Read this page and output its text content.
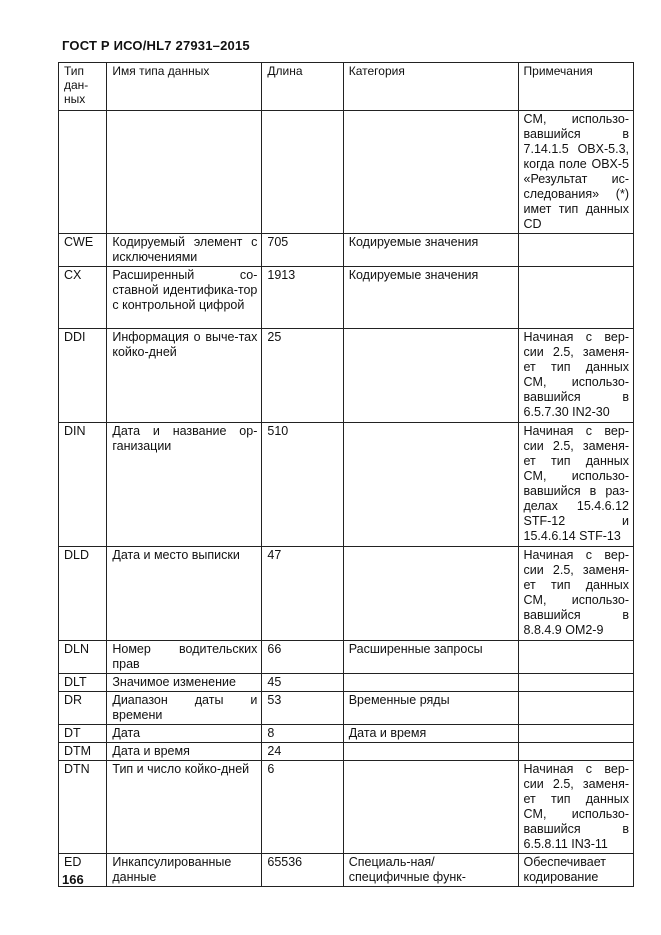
ГОСТ Р ИСО/HL7 27931–2015
Тип дан-ных	Имя типа данных	Длина	Категория	Примечания
				CM, использо-вавшийся в 7.14.1.5 OBX-5.3, когда поле OBX-5 «Результат ис-следования» (*) имет тип данных CD
CWE	Кодируемый элемент с исключениями	705	Кодируемые значения	
CX	Расширенный со-ставной идентифика-тор с контрольной цифрой	1913	Кодируемые значения	
DDI	Информация о выче-тах койко-дней	25		Начиная с вер-сии 2.5, заменя-ет тип данных CM, использо-вавшийся в 6.5.7.30 IN2-30
DIN	Дата и название ор-ганизации	510		Начиная с вер-сии 2.5, заменя-ет тип данных CM, использо-вавшийся в раз-делах 15.4.6.12 STF-12 и 15.4.6.14 STF-13
DLD	Дата и место выписки	47		Начиная с вер-сии 2.5, заменя-ет тип данных CM, использо-вавшийся в 8.8.4.9 OM2-9
DLN	Номер водительских прав	66	Расширенные запросы	
DLT	Значимое изменение	45		
DR	Диапазон даты и времени	53	Временные ряды	
DT	Дата	8	Дата и время	
DTM	Дата и время	24		
DTN	Тип и число койко-дней	6		Начиная с вер-сии 2.5, заменя-ет тип данных CM, использо-вавшийся в 6.5.8.11 IN3-11
ED	Инкапсулированные данные	65536	Специаль-ная/специфичные функ-	Обеспечивает кодирование
166
